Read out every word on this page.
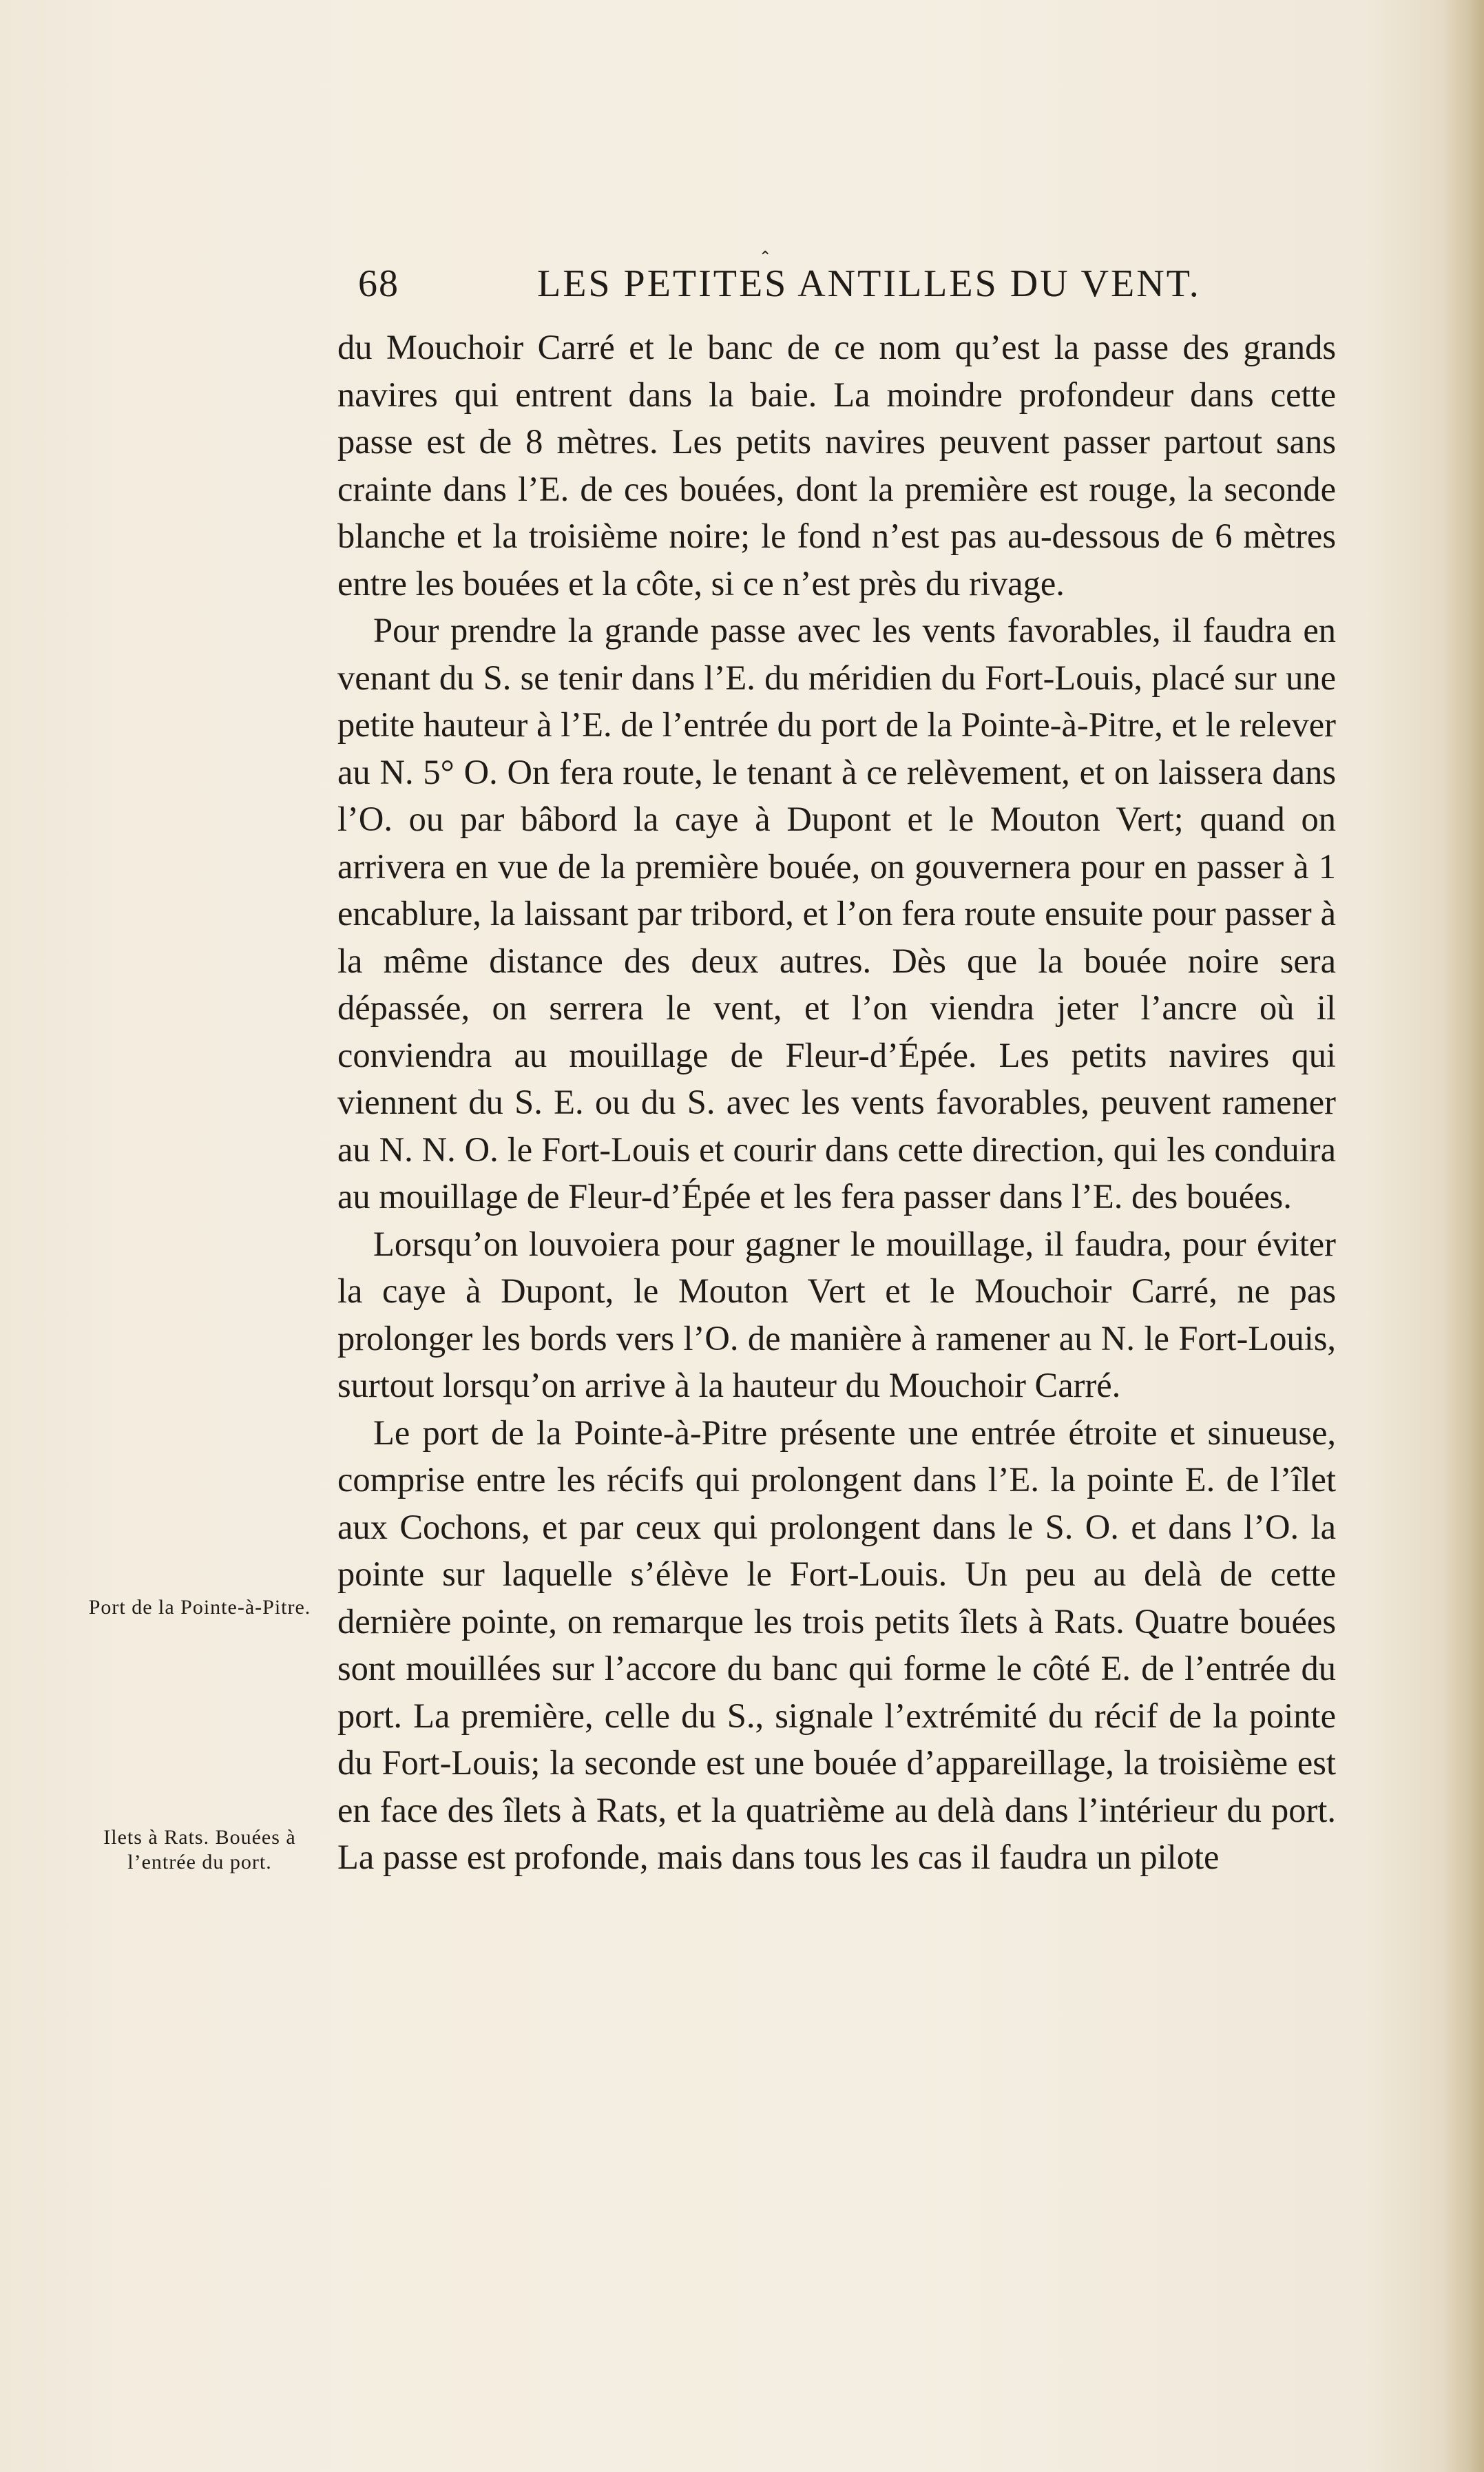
68
⌃
LES PETITES ANTILLES DU VENT.

du Mouchoir Carré et le banc de ce nom qu’est la passe des grands navires qui entrent dans la baie. La moindre profondeur dans cette passe est de 8 mètres. Les petits navires peuvent passer partout sans crainte dans l’E. de ces bouées, dont la première est rouge, la seconde blanche et la troisième noire; le fond n’est pas au-dessous de 6 mètres entre les bouées et la côte, si ce n’est près du rivage.

Pour prendre la grande passe avec les vents favorables, il faudra en venant du S. se tenir dans l’E. du méridien du Fort-Louis, placé sur une petite hauteur à l’E. de l’entrée du port de la Pointe-à-Pitre, et le relever au N. 5° O. On fera route, le tenant à ce relèvement, et on laissera dans l’O. ou par bâbord la caye à Dupont et le Mouton Vert; quand on arrivera en vue de la première bouée, on gouvernera pour en passer à 1 encablure, la laissant par tribord, et l’on fera route ensuite pour passer à la même distance des deux autres. Dès que la bouée noire sera dépassée, on serrera le vent, et l’on viendra jeter l’ancre où il conviendra au mouillage de Fleur-d’Épée. Les petits navires qui viennent du S. E. ou du S. avec les vents favorables, peuvent ramener au N. N. O. le Fort-Louis et courir dans cette direction, qui les conduira au mouillage de Fleur-d’Épée et les fera passer dans l’E. des bouées.

Lorsqu’on louvoiera pour gagner le mouillage, il faudra, pour éviter la caye à Dupont, le Mouton Vert et le Mouchoir Carré, ne pas prolonger les bords vers l’O. de manière à ramener au N. le Fort-Louis, surtout lorsqu’on arrive à la hauteur du Mouchoir Carré.

Le port de la Pointe-à-Pitre présente une entrée étroite et sinueuse, comprise entre les récifs qui prolongent dans l’E. la pointe E. de l’îlet aux Cochons, et par ceux qui prolongent dans le S. O. et dans l’O. la pointe sur laquelle s’élève le Fort-Louis. Un peu au delà de cette dernière pointe, on remarque les trois petits îlets à Rats. Quatre bouées sont mouillées sur l’accore du banc qui forme le côté E. de l’entrée du port. La première, celle du S., signale l’extrémité du récif de la pointe du Fort-Louis; la seconde est une bouée d’appareillage, la troisième est en face des îlets à Rats, et la quatrième au delà dans l’intérieur du port. La passe est profonde, mais dans tous les cas il faudra un pilote

Port de la Pointe-à-Pitre.
Ilets à Rats. Bouées à l’entrée du port.
